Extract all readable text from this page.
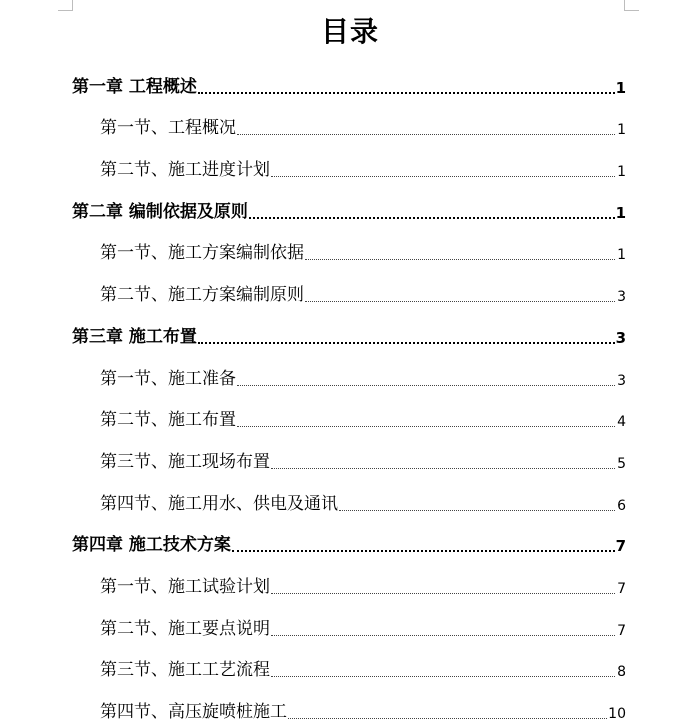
目录
第一章 工程概述	1
第一节、工程概况	1
第二节、施工进度计划	1
第二章 编制依据及原则	1
第一节、施工方案编制依据	1
第二节、施工方案编制原则	3
第三章 施工布置	3
第一节、施工准备	3
第二节、施工布置	4
第三节、施工现场布置	5
第四节、施工用水、供电及通讯	6
第四章 施工技术方案	7
第一节、施工试验计划	7
第二节、施工要点说明	7
第三节、施工工艺流程	8
第四节、高压旋喷桩施工	10
